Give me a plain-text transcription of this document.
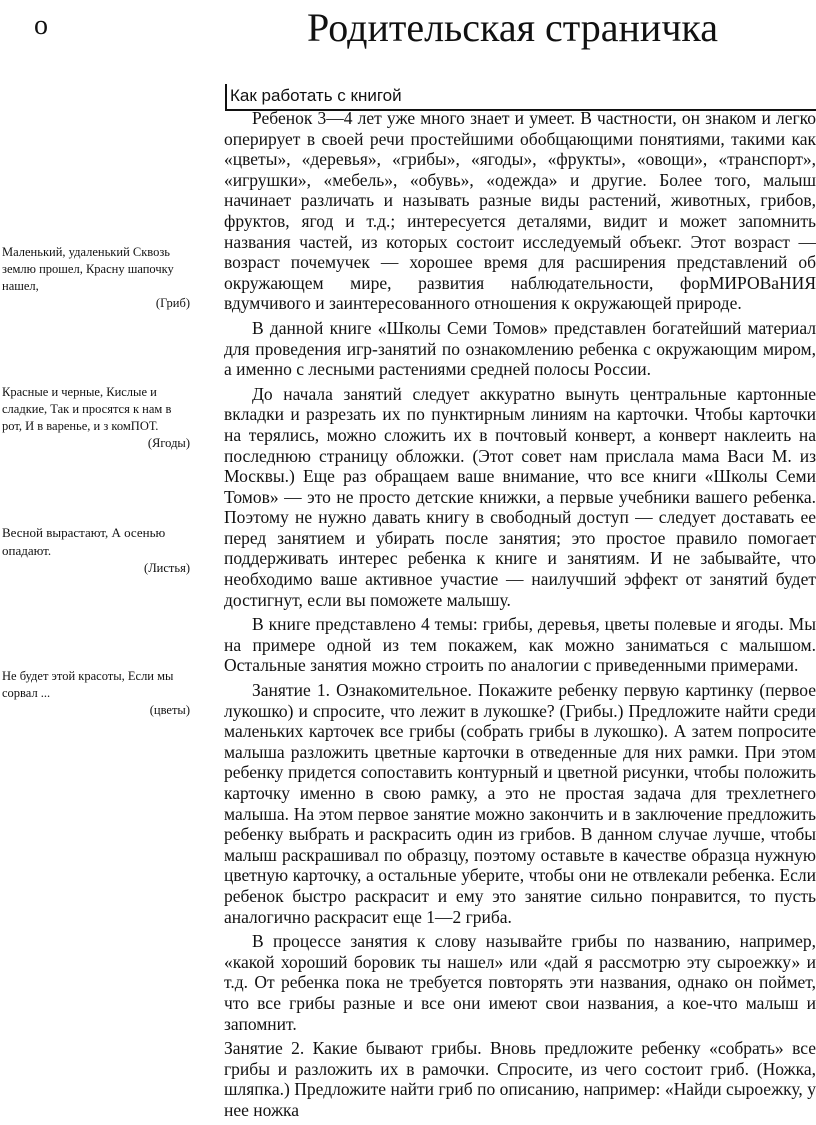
о	Родительская страничка

Маленький, удаленький Сквозь землю прошел, Красну шапочку нашел,

(Гриб)

Красные и черные, Кислые и сладкие, Так и просятся к нам в рот, И в варенье, и з комПОТ.

(Ягоды)

Весной вырастают, А осенью опадают.

(Листья)

Не будет этой красоты, Если мы сорвал ...

(цветы)

Как работать с книгой

Ребенок 3—4 лет уже много знает и умеет. В частности, он знаком и легко оперирует в своей речи простейшими обобщающими понятиями, такими как «цветы», «деревья», «грибы», «ягоды», «фрукты», «овощи», «транспорт», «игрушки», «мебель», «обувь», «одежда» и другие. Более того, малыш начинает различать и называть разные виды растений, животных, грибов, фруктов, ягод и т.д.; интересуется деталями, видит и может запомнить названия частей, из которых состоит исследуемый объекг. Этот возраст — возраст почемучек — хорошее время для расширения представлений об окружающем мире, развития наблюдательности, форМИРОВаНИЯ вдумчивого и заинтересованного отношения к окружающей природе.

В данной книге «Школы Семи Томов» представлен богатейший материал для проведения игр-занятий по ознакомлению ребенка с окружающим миром, а именно с лесными растениями средней полосы России.

До начала занятий следует аккуратно вынуть центральные картонные вкладки и разрезать их по пунктирным линиям на карточки. Чтобы карточки на терялись, можно сложить их в почтовый конверт, а конверт наклеить на последнюю страницу обложки. (Этот совет нам прислала мама Васи М. из Москвы.) Еще раз обращаем ваше внимание, что все книги «Школы Семи Томов» — это не просто детские книжки, а первые учебники вашего ребенка. Поэтому не нужно давать книгу в свободный доступ — следует доставать ее перед занятием и убирать после занятия; это простое правило помогает поддерживать интерес ребенка к книге и занятиям. И не забывайте, что необходимо ваше активное участие — наилучший эффект от занятий будет достигнут, если вы поможете малышу.

В книге представлено 4 темы: грибы, деревья, цветы полевые и ягоды. Мы на примере одной из тем покажем, как можно заниматься с малышом. Остальные занятия можно строить по аналогии с приведенными примерами.

Занятие 1. Ознакомительное. Покажите ребенку первую картинку (первое лукошко) и спросите, что лежит в лукошке? (Грибы.) Предложите найти среди маленьких карточек все грибы (собрать грибы в лукошко). А затем попросите малыша разложить цветные карточки в отведенные для них рамки. При этом ребенку придется сопоставить контурный и цветной рисунки, чтобы положить карточку именно в свою рамку, а это не простая задача для трехлетнего малыша. На этом первое занятие можно закончить и в заключение предложить ребенку выбрать и раскрасить один из грибов. В данном случае лучше, чтобы малыш раскрашивал по образцу, поэтому оставьте в качестве образца нужную цветную карточку, а остальные уберите, чтобы они не отвлекали ребенка. Если ребенок быстро раскрасит и ему это занятие сильно понравится, то пусть аналогично раскрасит еще 1—2 гриба.

В процессе занятия к слову называйте грибы по названию, например, «какой хороший боровик ты нашел» или «дай я рассмотрю эту сыроежку» и т.д. От ребенка пока не требуется повторять эти названия, однако он поймет, что все грибы разные и все они имеют свои названия, а кое-что малыш и запомнит.

Занятие 2. Какие бывают грибы. Вновь предложите ребенку «собрать» все грибы и разложить их в рамочки. Спросите, из чего состоит гриб. (Ножка, шляпка.) Предложите найти гриб по описанию, например: «Найди сыроежку, у нее ножка
